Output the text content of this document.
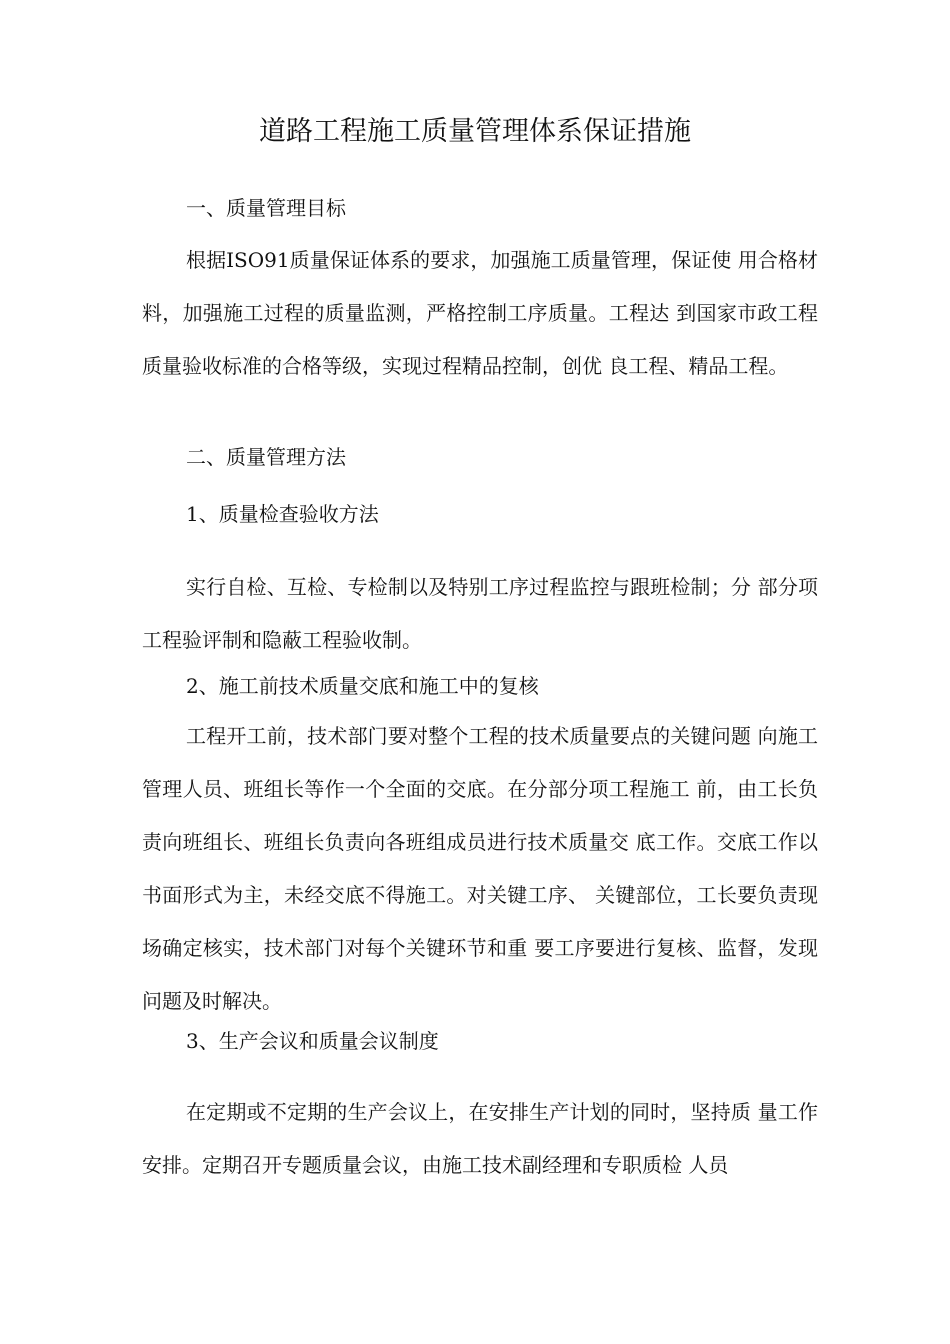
道路工程施工质量管理体系保证措施
一、质量管理目标
根据ISO91质量保证体系的要求，加强施工质量管理，保证使 用合格材料，加强施工过程的质量监测，严格控制工序质量。工程达 到国家市政工程质量验收标准的合格等级，实现过程精品控制，创优 良工程、精品工程。
二、质量管理方法
1、质量检查验收方法
实行自检、互检、专检制以及特别工序过程监控与跟班检制；分 部分项工程验评制和隐蔽工程验收制。
2、施工前技术质量交底和施工中的复核
工程开工前，技术部门要对整个工程的技术质量要点的关键问题 向施工管理人员、班组长等作一个全面的交底。在分部分项工程施工 前，由工长负责向班组长、班组长负责向各班组成员进行技术质量交 底工作。交底工作以书面形式为主，未经交底不得施工。对关键工序、 关键部位，工长要负责现场确定核实，技术部门对每个关键环节和重 要工序要进行复核、监督，发现问题及时解决。
3、生产会议和质量会议制度
在定期或不定期的生产会议上，在安排生产计划的同时，坚持质 量工作安排。定期召开专题质量会议，由施工技术副经理和专职质检 人员
